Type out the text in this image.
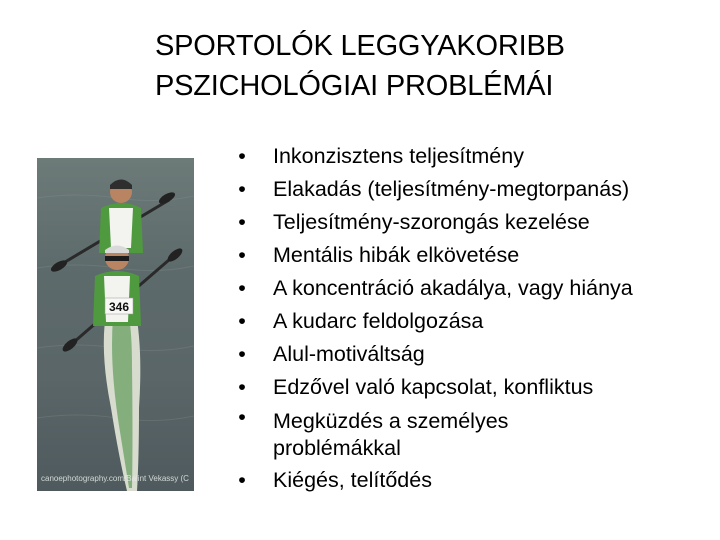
SPORTOLÓK LEGGYAKORIBB
PSZICHOLÓGIAI PROBLÉMÁI
346
canoephotography.com/Balint Vekassy (C
• Inkonzisztens teljesítmény
• Elakadás (teljesítmény-megtorpanás)
• Teljesítmény-szorongás kezelése
• Mentális hibák elkövetése
• A koncentráció akadálya, vagy hiánya
• A kudarc feldolgozása
• Alul-motiváltság
• Edzővel való kapcsolat, konfliktus
• Megküzdés a személyes
problémákkal
• Kiégés, telítődés
